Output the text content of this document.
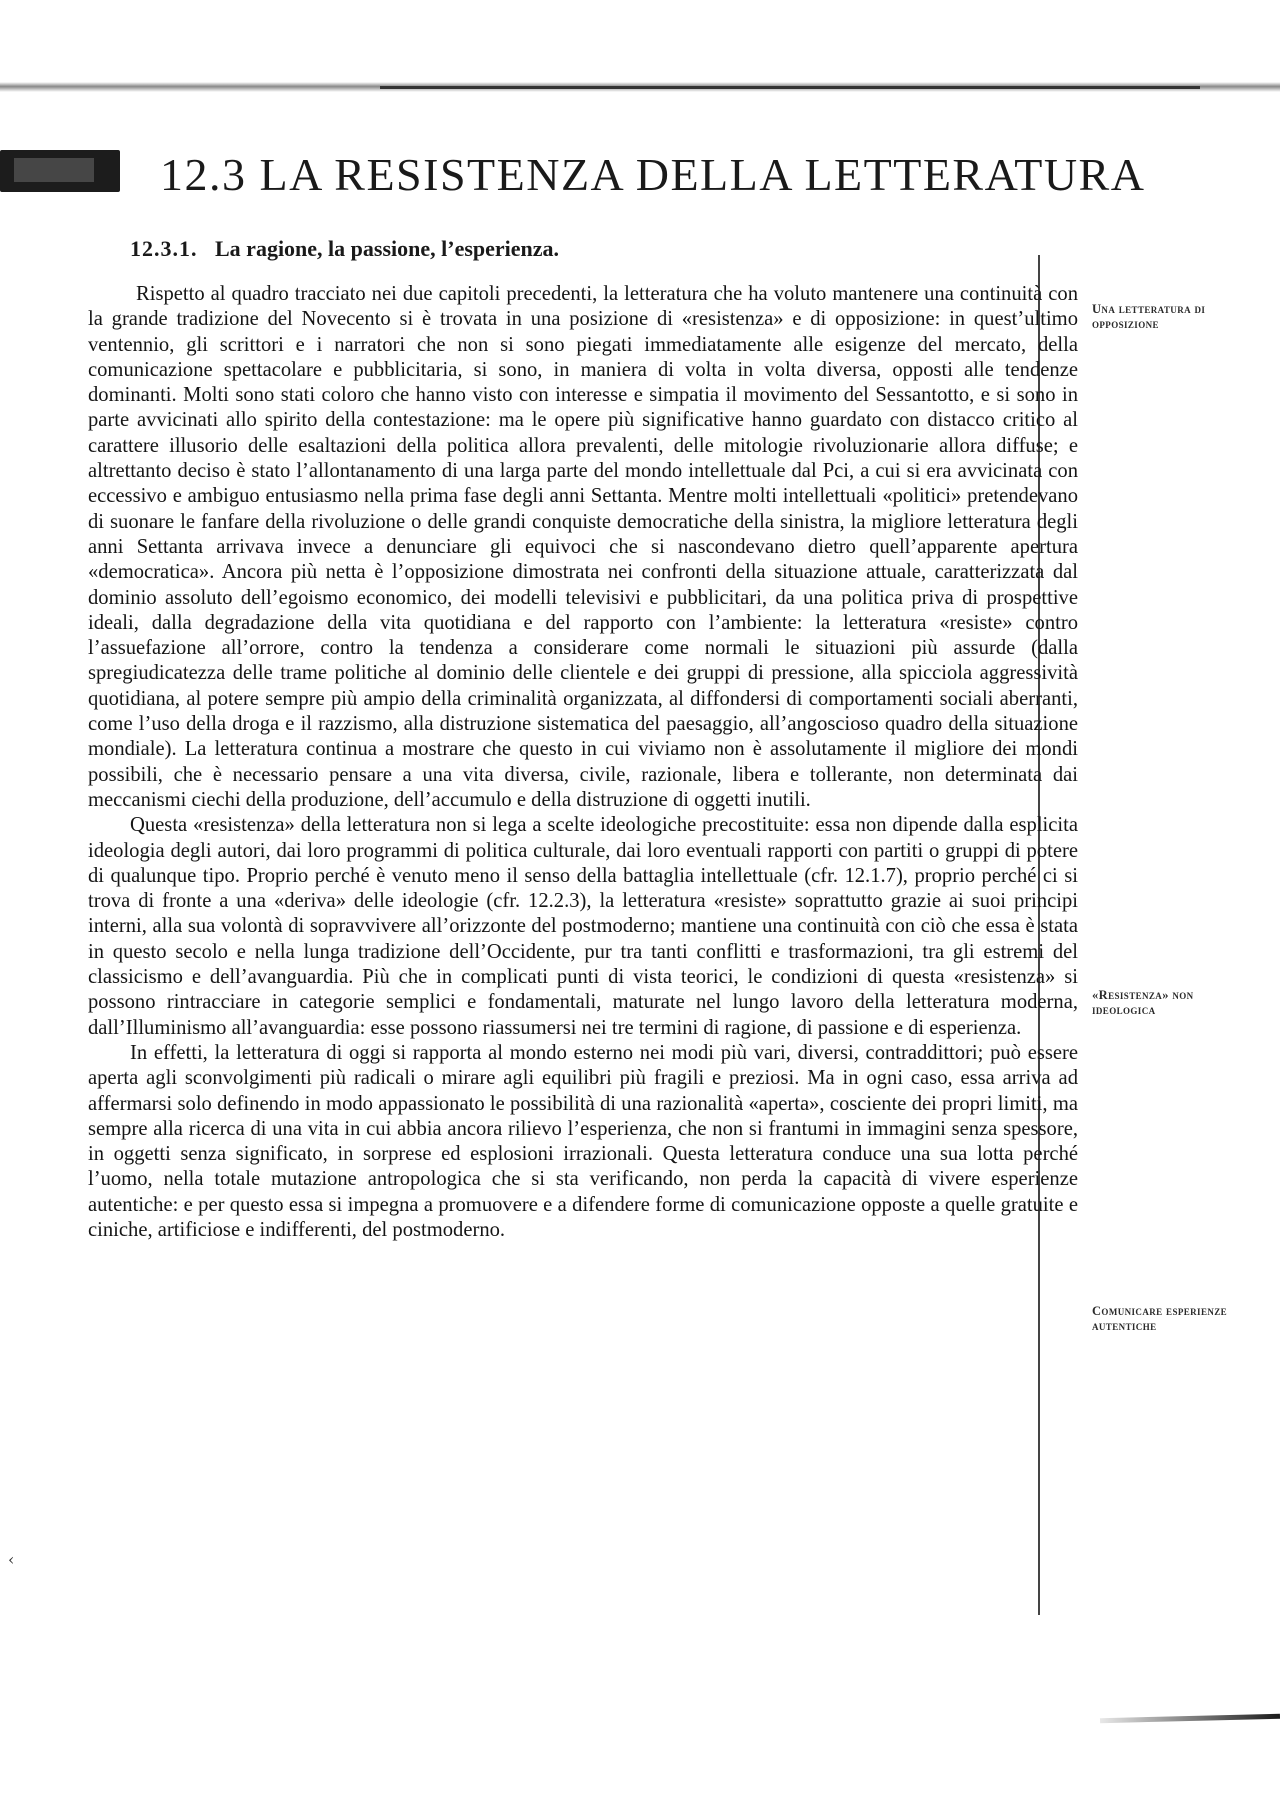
12.3 LA RESISTENZA DELLA LETTERATURA
12.3.1. La ragione, la passione, l’esperienza.

Rispetto al quadro tracciato nei due capitoli precedenti, la letteratura che ha voluto mantenere una continuità con la grande tradizione del Novecento si è trovata in una posizione di «resistenza» e di opposizione: in quest’ultimo ventennio, gli scrittori e i narratori che non si sono piegati immediatamente alle esigenze del mercato, della comunicazione spettacolare e pubblicitaria, si sono, in maniera di volta in volta diversa, opposti alle tendenze dominanti. Molti sono stati coloro che hanno visto con interesse e simpatia il movimento del Sessantotto, e si sono in parte avvicinati allo spirito della contestazione: ma le opere più significative hanno guardato con distacco critico al carattere illusorio delle esaltazioni della politica allora prevalenti, delle mitologie rivoluzionarie allora diffuse; e altrettanto deciso è stato l’allontanamento di una larga parte del mondo intellettuale dal Pci, a cui si era avvicinata con eccessivo e ambiguo entusiasmo nella prima fase degli anni Settanta. Mentre molti intellettuali «politici» pretendevano di suonare le fanfare della rivoluzione o delle grandi conquiste democratiche della sinistra, la migliore letteratura degli anni Settanta arrivava invece a denunciare gli equivoci che si nascondevano dietro quell’apparente apertura «democratica». Ancora più netta è l’opposizione dimostrata nei confronti della situazione attuale, caratterizzata dal dominio assoluto dell’egoismo economico, dei modelli televisivi e pubblicitari, da una politica priva di prospettive ideali, dalla degradazione della vita quotidiana e del rapporto con l’ambiente: la letteratura «resiste» contro l’assuefazione all’orrore, contro la tendenza a considerare come normali le situazioni più assurde (dalla spregiudicatezza delle trame politiche al dominio delle clientele e dei gruppi di pressione, alla spicciola aggressività quotidiana, al potere sempre più ampio della criminalità organizzata, al diffondersi di comportamenti sociali aberranti, come l’uso della droga e il razzismo, alla distruzione sistematica del paesaggio, all’angoscioso quadro della situazione mondiale). La letteratura continua a mostrare che questo in cui viviamo non è assolutamente il migliore dei mondi possibili, che è necessario pensare a una vita diversa, civile, razionale, libera e tollerante, non determinata dai meccanismi ciechi della produzione, dell’accumulo e della distruzione di oggetti inutili.

Questa «resistenza» della letteratura non si lega a scelte ideologiche precostituite: essa non dipende dalla esplicita ideologia degli autori, dai loro programmi di politica culturale, dai loro eventuali rapporti con partiti o gruppi di potere di qualunque tipo. Proprio perché è venuto meno il senso della battaglia intellettuale (cfr. 12.1.7), proprio perché ci si trova di fronte a una «deriva» delle ideologie (cfr. 12.2.3), la letteratura «resiste» soprattutto grazie ai suoi principi interni, alla sua volontà di sopravvivere all’orizzonte del postmoderno; mantiene una continuità con ciò che essa è stata in questo secolo e nella lunga tradizione dell’Occidente, pur tra tanti conflitti e trasformazioni, tra gli estremi del classicismo e dell’avanguardia. Più che in complicati punti di vista teorici, le condizioni di questa «resistenza» si possono rintracciare in categorie semplici e fondamentali, maturate nel lungo lavoro della letteratura moderna, dall’Illuminismo all’avanguardia: esse possono riassumersi nei tre termini di ragione, di passione e di esperienza.

In effetti, la letteratura di oggi si rapporta al mondo esterno nei modi più vari, diversi, contraddittori; può essere aperta agli sconvolgimenti più radicali o mirare agli equilibri più fragili e preziosi. Ma in ogni caso, essa arriva ad affermarsi solo definendo in modo appassionato le possibilità di una razionalità «aperta», cosciente dei propri limiti, ma sempre alla ricerca di una vita in cui abbia ancora rilievo l’esperienza, che non si frantumi in immagini senza spessore, in oggetti senza significato, in sorprese ed esplosioni irrazionali. Questa letteratura conduce una sua lotta perché l’uomo, nella totale mutazione antropologica che si sta verificando, non perda la capacità di vivere esperienze autentiche: e per questo essa si impegna a promuovere e a difendere forme di comunicazione opposte a quelle gratuite e ciniche, artificiose e indifferenti, del postmoderno.

Una letteratura di opposizione
«Resistenza» non ideologica
Comunicare esperienze autentiche
‹
